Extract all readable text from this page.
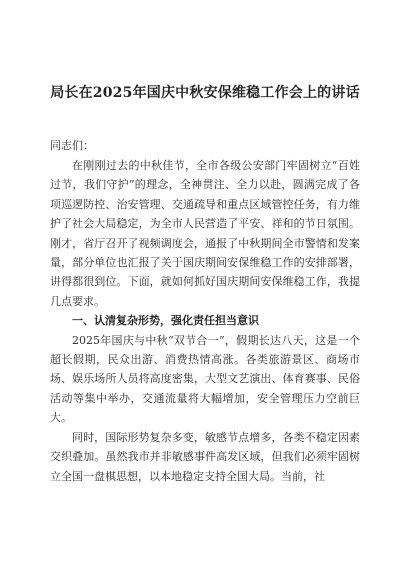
局长在2025年国庆中秋安保维稳工作会上的讲话

同志们：

在刚刚过去的中秋佳节，全市各级公安部门牢固树立“百姓过节，我们守护”的理念，全神贯注、全力以赴，圆满完成了各项巡逻防控、治安管理、交通疏导和重点区域管控任务，有力维护了社会大局稳定，为全市人民营造了平安、祥和的节日氛围。刚才，省厅召开了视频调度会，通报了中秋期间全市警情和发案量，部分单位也汇报了关于国庆期间安保维稳工作的安排部署，讲得都很到位。下面，就如何抓好国庆期间安保维稳工作，我提几点要求。

一、认清复杂形势，强化责任担当意识

2025年国庆与中秋“双节合一”，假期长达八天，这是一个超长假期，民众出游、消费热情高涨。各类旅游景区、商场市场、娱乐场所人员将高度密集，大型文艺演出、体育赛事、民俗活动等集中举办，交通流量将大幅增加，安全管理压力空前巨大。

同时，国际形势复杂多变，敏感节点增多，各类不稳定因素交织叠加。虽然我市并非敏感事件高发区域，但我们必须牢固树立全国一盘棋思想，以本地稳定支持全国大局。当前，社
